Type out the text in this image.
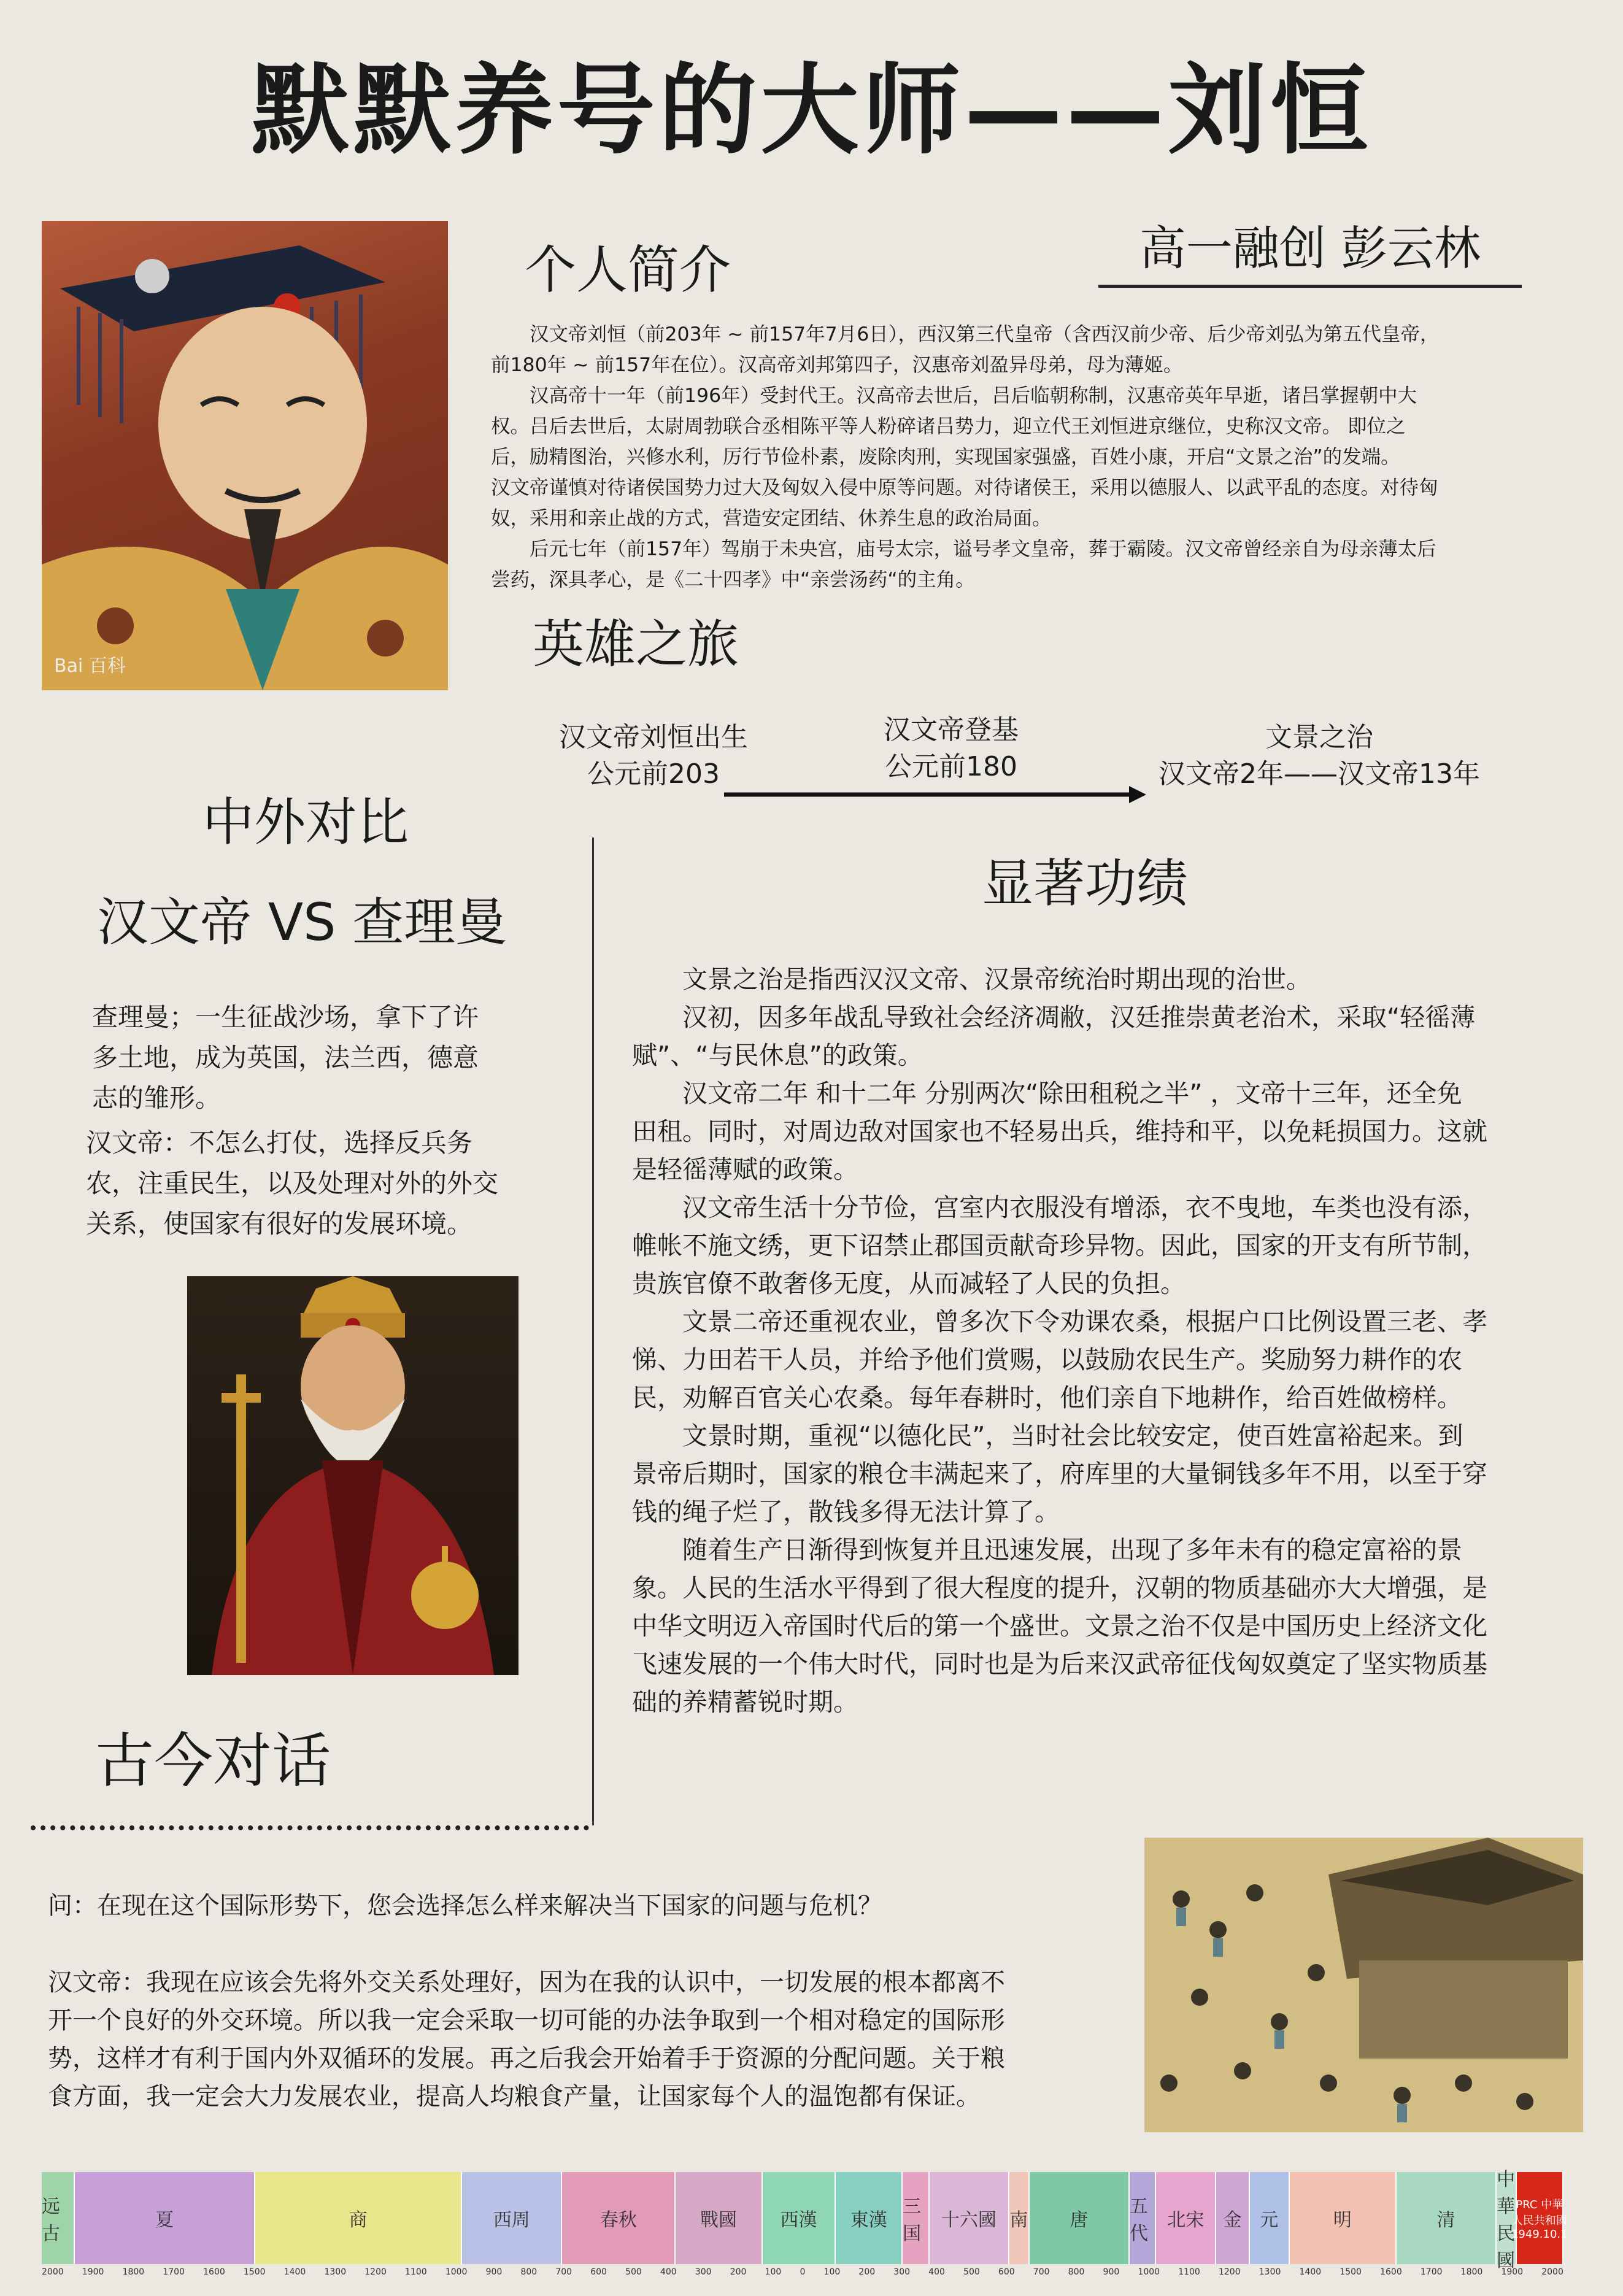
默默养号的大师——刘恒
Bai 百科
个人简介	高一融创 彭云林

汉文帝刘恒（前203年 ~ 前157年7月6日），西汉第三代皇帝（含西汉前少帝、后少帝刘弘为第五代皇帝，

前180年 ~ 前157年在位）。汉高帝刘邦第四子，汉惠帝刘盈异母弟，母为薄姬。

汉高帝十一年（前196年）受封代王。汉高帝去世后，吕后临朝称制，汉惠帝英年早逝，诸吕掌握朝中大

权。吕后去世后，太尉周勃联合丞相陈平等人粉碎诸吕势力，迎立代王刘恒进京继位，史称汉文帝。 即位之

后，励精图治，兴修水利，厉行节俭朴素，废除肉刑，实现国家强盛，百姓小康，开启“文景之治”的发端。

汉文帝谨慎对待诸侯国势力过大及匈奴入侵中原等问题。对待诸侯王，采用以德服人、以武平乱的态度。对待匈

奴，采用和亲止战的方式，营造安定团结、休养生息的政治局面。

后元七年（前157年）驾崩于未央宫，庙号太宗，谥号孝文皇帝，葬于霸陵。汉文帝曾经亲自为母亲薄太后

尝药，深具孝心，是《二十四孝》中“亲尝汤药“的主角。

英雄之旅
汉文帝刘恒出生
公元前203
汉文帝登基
公元前180
文景之治
汉文帝2年——汉文帝13年
中外对比
汉文帝 VS 查理曼

查理曼；一生征战沙场，拿下了许

多土地，成为英国，法兰西，德意

志的雏形。

汉文帝：不怎么打仗，选择反兵务

农，注重民生，以及处理对外的外交

关系，使国家有很好的发展环境。

显著功绩

文景之治是指西汉汉文帝、汉景帝统治时期出现的治世。

汉初，因多年战乱导致社会经济凋敝，汉廷推崇黄老治术，采取“轻徭薄

赋”、“与民休息”的政策。

汉文帝二年 和十二年 分别两次“除田租税之半” ，文帝十三年，还全免

田租。同时，对周边敌对国家也不轻易出兵，维持和平，以免耗损国力。这就

是轻徭薄赋的政策。

汉文帝生活十分节俭，宫室内衣服没有增添，衣不曳地，车类也没有添，

帷帐不施文绣，更下诏禁止郡国贡献奇珍异物。因此，国家的开支有所节制，

贵族官僚不敢奢侈无度，从而减轻了人民的负担。

文景二帝还重视农业，曾多次下令劝课农桑，根据户口比例设置三老、孝

悌、力田若干人员，并给予他们赏赐，以鼓励农民生产。奖励努力耕作的农

民，劝解百官关心农桑。每年春耕时，他们亲自下地耕作，给百姓做榜样。

文景时期，重视“以德化民”，当时社会比较安定，使百姓富裕起来。到

景帝后期时，国家的粮仓丰满起来了，府库里的大量铜钱多年不用，以至于穿

钱的绳子烂了，散钱多得无法计算了。

随着生产日渐得到恢复并且迅速发展，出现了多年未有的稳定富裕的景

象。人民的生活水平得到了很大程度的提升，汉朝的物质基础亦大大增强，是

中华文明迈入帝国时代后的第一个盛世。文景之治不仅是中国历史上经济文化

飞速发展的一个伟大时代，同时也是为后来汉武帝征伐匈奴奠定了坚实物质基

础的养精蓄锐时期。

古今对话

问：在现在这个国际形势下，您会选择怎么样来解决当下国家的问题与危机？

汉文帝：我现在应该会先将外交关系处理好，因为在我的认识中，一切发展的根本都离不

开一个良好的外交环境。所以我一定会采取一切可能的办法争取到一个相对稳定的国际形

势，这样才有利于国内外双循环的发展。再之后我会开始着手于资源的分配问题。关于粮

食方面，我一定会大力发展农业，提高人均粮食产量，让国家每个人的温饱都有保证。

远古
夏	商	西周	春秋	戰國	西漢	東漢
三国
十六國 南	唐
五代
北宋	金 元	明	清
中華民國
PRC 中華人民共和國 1949.10.1
2000 1900 1800 1700 1600 1500 1400 1300 1200 1100 1000 900 800 700 600 500 400 300 200 100 0 100 200 300 400 500 600 700 800 900 1000 1100 1200 1300 1400 1500 1600 1700 1800 1900 2000
